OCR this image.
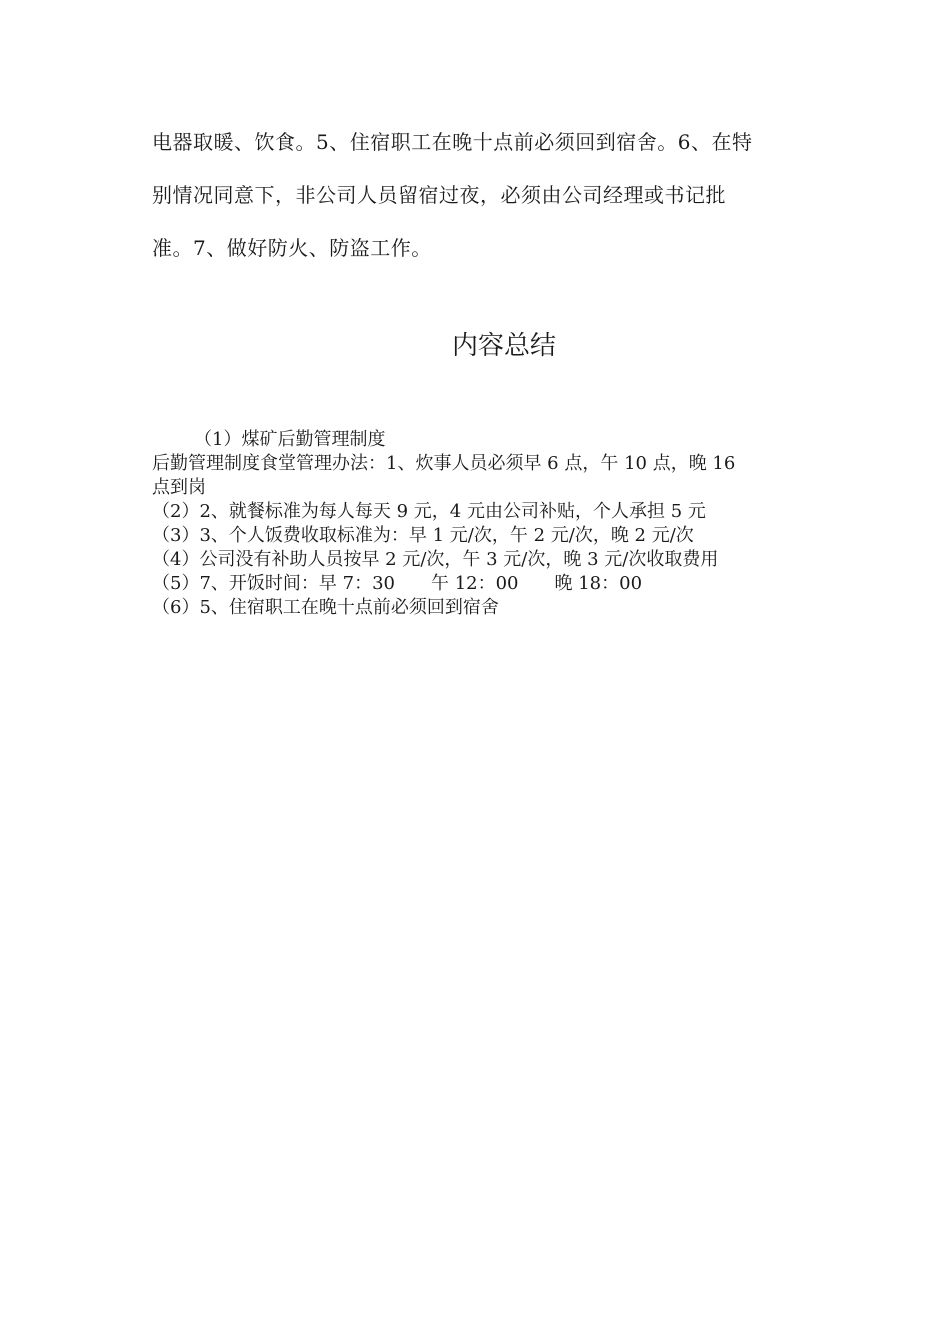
电器取暖、饮食。5、住宿职工在晚十点前必须回到宿舍。6、在特

别情况同意下，非公司人员留宿过夜，必须由公司经理或书记批

准。7、做好防火、防盗工作。

内容总结

（1）煤矿后勤管理制度

后勤管理制度食堂管理办法：1、炊事人员必须早 6 点，午 10 点，晚 16

点到岗

（2）2、就餐标准为每人每天 9 元，4 元由公司补贴，个人承担 5 元

（3）3、个人饭费收取标准为：早 1 元/次，午 2 元/次，晚 2 元/次

（4）公司没有补助人员按早 2 元/次，午 3 元/次，晚 3 元/次收取费用

（5）7、开饭时间：早 7：30　　午 12：00　　晚 18：00

（6）5、住宿职工在晚十点前必须回到宿舍
